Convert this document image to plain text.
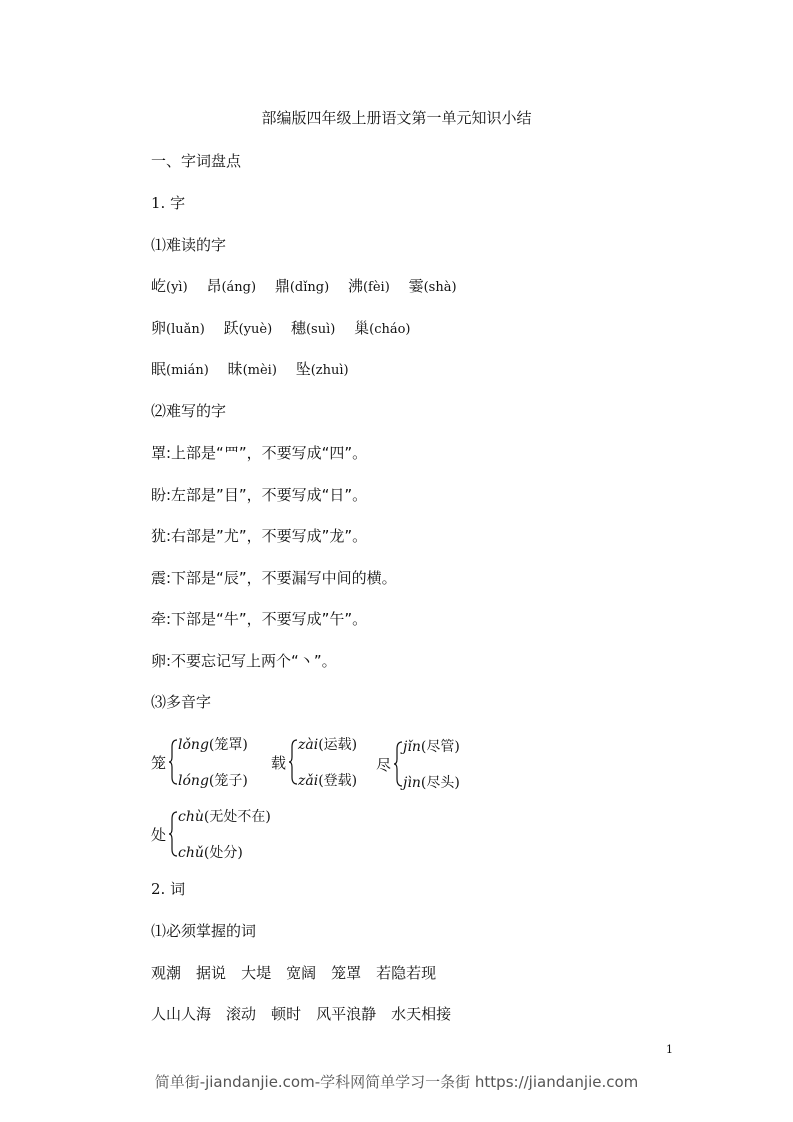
部编版四年级上册语文第一单元知识小结
一、字词盘点
1. 字
⑴难读的字
屹(yì) 昂(áng) 鼎(dǐng) 沸(fèi) 霎(shà)
卵(luǎn) 跃(yuè) 穗(suì) 巢(cháo)
眠(mián) 昧(mèi) 坠(zhuì)
⑵难写的字
罩:上部是“罒”，不要写成“四”。
盼:左部是”目”，不要写成“日”。
犹:右部是”尤”，不要写成”龙”。
震:下部是“辰”，不要漏写中间的横。
牵:下部是“牛”，不要写成”午”。
卵:不要忘记写上两个“丶”。
⑶多音字
笼
lǒng(笼罩)
lóng(笼子)
载
zài(运载)
zǎi(登载)
尽
jǐn(尽管)
jìn(尽头)
处
chù(无处不在)
chǔ(处分)
2. 词
⑴必须掌握的词
观潮　 据说　 大堤　 宽阔　 笼罩　 若隐若现
人山人海　 滚动　 顿时　 风平浪静　 水天相接
1
简单街-jiandanjie.com-学科网简单学习一条街 https://jiandanjie.com
